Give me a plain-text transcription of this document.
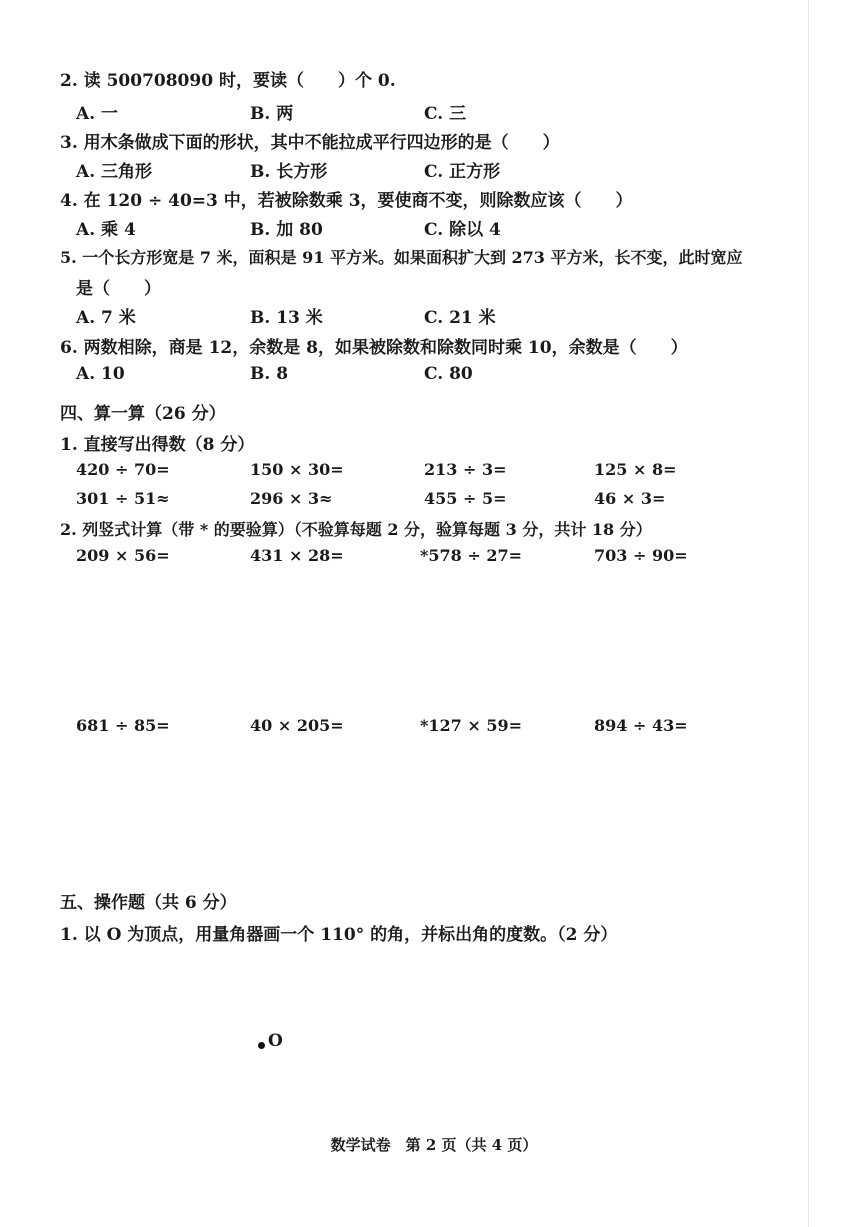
2. 读 500708090 时，要读（　　）个 0.
A. 一	B. 两	C. 三
3. 用木条做成下面的形状，其中不能拉成平行四边形的是（　　）
A. 三角形	B. 长方形	C. 正方形
4. 在 120 ÷ 40=3 中，若被除数乘 3，要使商不变，则除数应该（　　）
A. 乘 4	B. 加 80	C. 除以 4
5. 一个长方形宽是 7 米，面积是 91 平方米。如果面积扩大到 273 平方米，长不变，此时宽应
是（　　）
A. 7 米	B. 13 米	C. 21 米
6. 两数相除，商是 12，余数是 8，如果被除数和除数同时乘 10，余数是（　　）
A. 10	B. 8	C. 80
四、算一算（26 分）
1. 直接写出得数（8 分）
420 ÷ 70=	150 × 30=	213 ÷ 3=	125 × 8=
301 ÷ 51≈	296 × 3≈	455 ÷ 5=	46 × 3=
2. 列竖式计算（带 * 的要验算）（不验算每题 2 分，验算每题 3 分，共计 18 分）
209 × 56=	431 × 28=	*578 ÷ 27=	703 ÷ 90=
681 ÷ 85=	40 × 205=	*127 × 59=	894 ÷ 43=
五、操作题（共 6 分）
1. 以 O 为顶点，用量角器画一个 110° 的角，并标出角的度数。（2 分）
O
数学试卷　第 2 页（共 4 页）
